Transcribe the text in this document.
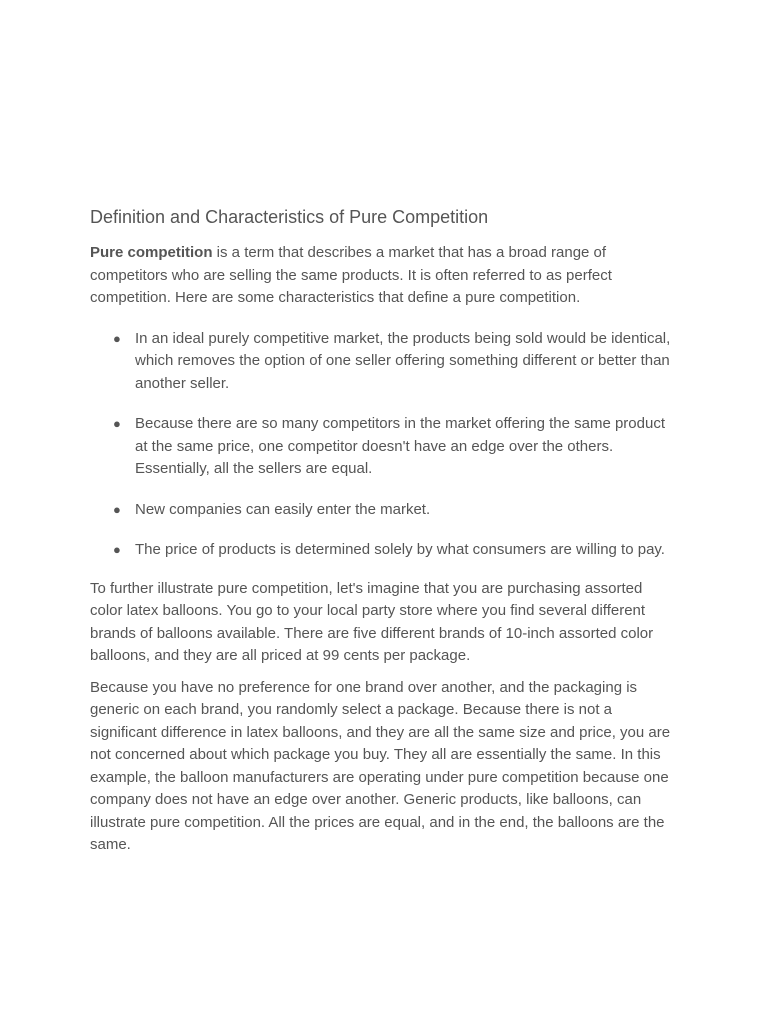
Definition and Characteristics of Pure Competition

Pure competition is a term that describes a market that has a broad range of competitors who are selling the same products. It is often referred to as perfect competition. Here are some characteristics that define a pure competition.

● In an ideal purely competitive market, the products being sold would be identical, which removes the option of one seller offering something different or better than another seller.
● Because there are so many competitors in the market offering the same product at the same price, one competitor doesn't have an edge over the others. Essentially, all the sellers are equal.
● New companies can easily enter the market.
● The price of products is determined solely by what consumers are willing to pay.

To further illustrate pure competition, let's imagine that you are purchasing assorted color latex balloons. You go to your local party store where you find several different brands of balloons available. There are five different brands of 10-inch assorted color balloons, and they are all priced at 99 cents per package.

Because you have no preference for one brand over another, and the packaging is generic on each brand, you randomly select a package. Because there is not a significant difference in latex balloons, and they are all the same size and price, you are not concerned about which package you buy. They all are essentially the same. In this example, the balloon manufacturers are operating under pure competition because one company does not have an edge over another. Generic products, like balloons, can illustrate pure competition. All the prices are equal, and in the end, the balloons are the same.
